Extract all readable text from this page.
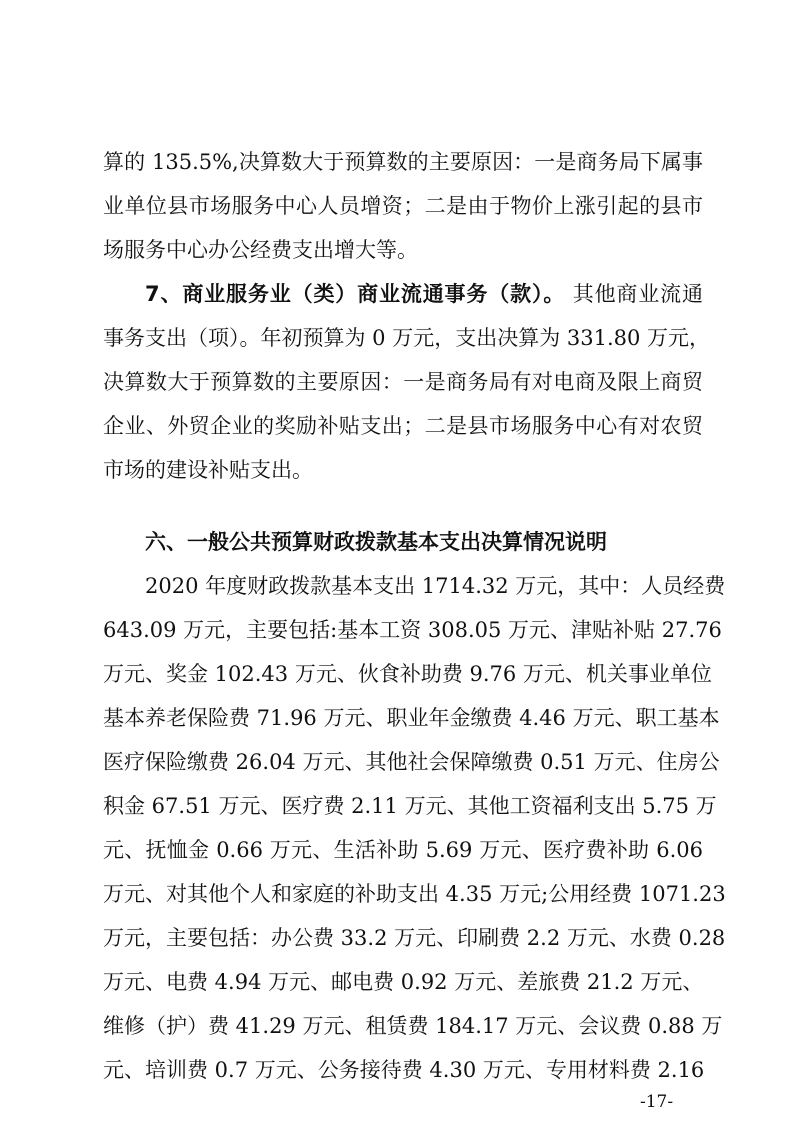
算的 135.5%,决算数大于预算数的主要原因：一是商务局下属事
业单位县市场服务中心人员增资；二是由于物价上涨引起的县市
场服务中心办公经费支出增大等。
7、商业服务业（类）商业流通事务（款）。 其他商业流通
事务支出（项）。年初预算为 0 万元，支出决算为 331.80 万元，
决算数大于预算数的主要原因：一是商务局有对电商及限上商贸
企业、外贸企业的奖励补贴支出；二是县市场服务中心有对农贸
市场的建设补贴支出。
六、一般公共预算财政拨款基本支出决算情况说明
2020 年度财政拨款基本支出 1714.32 万元，其中：人员经费
643.09 万元，主要包括:基本工资 308.05 万元、津贴补贴 27.76
万元、奖金 102.43 万元、伙食补助费 9.76 万元、机关事业单位
基本养老保险费 71.96 万元、职业年金缴费 4.46 万元、职工基本
医疗保险缴费 26.04 万元、其他社会保障缴费 0.51 万元、住房公
积金 67.51 万元、医疗费 2.11 万元、其他工资福利支出 5.75 万
元、抚恤金 0.66 万元、生活补助 5.69 万元、医疗费补助 6.06
万元、对其他个人和家庭的补助支出 4.35 万元;公用经费 1071.23
万元，主要包括：办公费 33.2 万元、印刷费 2.2 万元、水费 0.28
万元、电费 4.94 万元、邮电费 0.92 万元、差旅费 21.2 万元、
维修（护）费 41.29 万元、租赁费 184.17 万元、会议费 0.88 万
元、培训费 0.7 万元、公务接待费 4.30 万元、专用材料费 2.16
-17-
